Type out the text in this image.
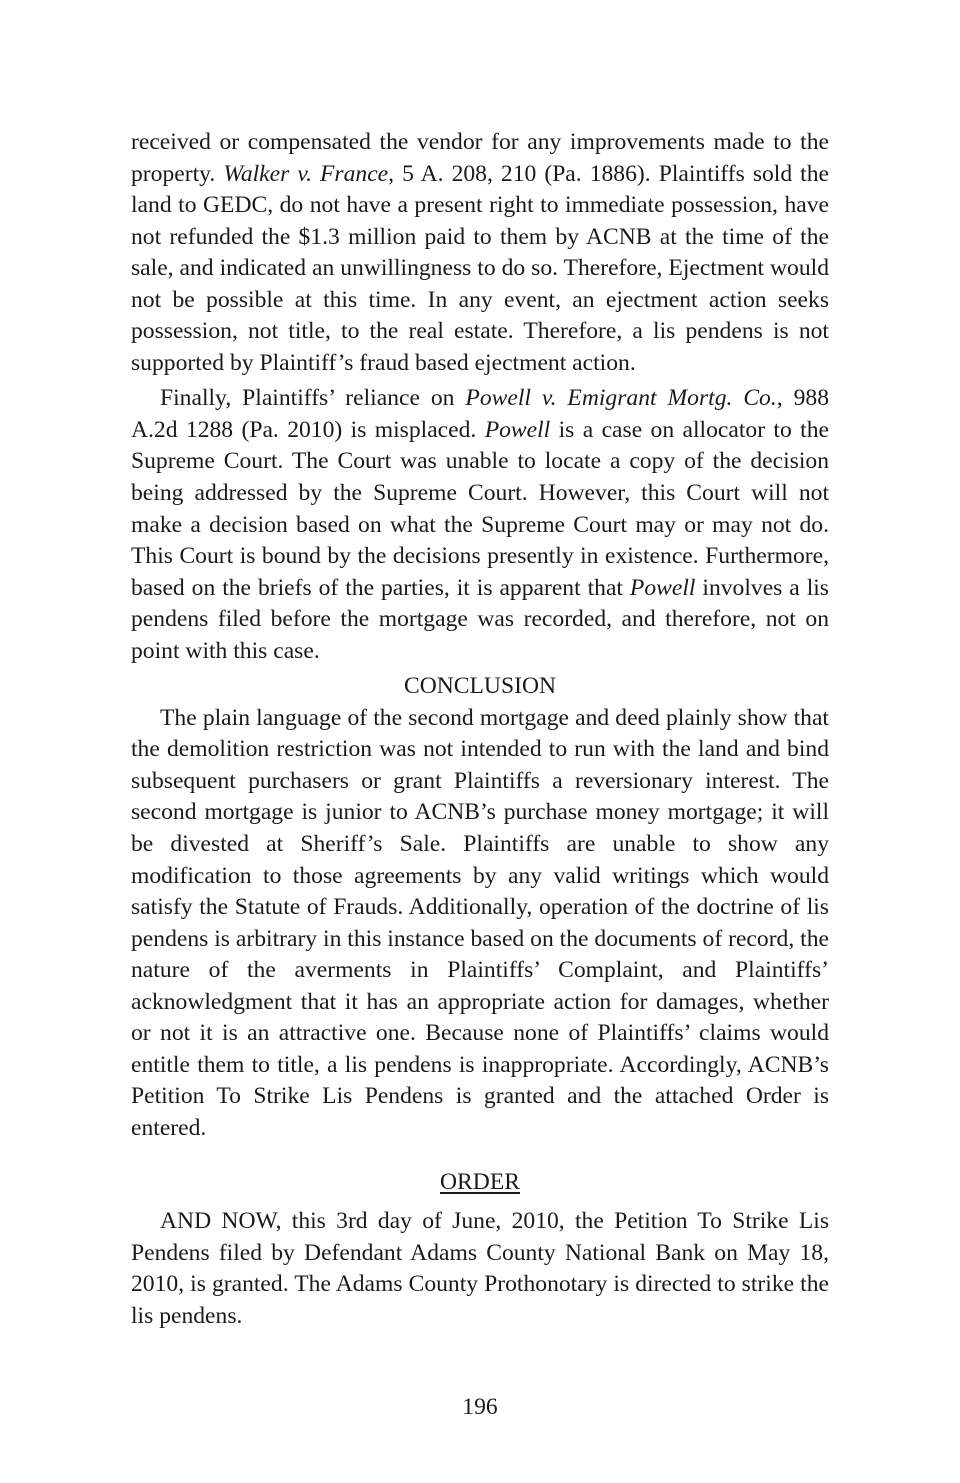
received or compensated the vendor for any improvements made to the property. Walker v. France, 5 A. 208, 210 (Pa. 1886). Plaintiffs sold the land to GEDC, do not have a present right to immediate possession, have not refunded the $1.3 million paid to them by ACNB at the time of the sale, and indicated an unwillingness to do so. Therefore, Ejectment would not be possible at this time. In any event, an ejectment action seeks possession, not title, to the real estate. Therefore, a lis pendens is not supported by Plaintiff’s fraud based ejectment action.

Finally, Plaintiffs’ reliance on Powell v. Emigrant Mortg. Co., 988 A.2d 1288 (Pa. 2010) is misplaced. Powell is a case on allocator to the Supreme Court. The Court was unable to locate a copy of the decision being addressed by the Supreme Court. However, this Court will not make a decision based on what the Supreme Court may or may not do. This Court is bound by the decisions presently in existence. Furthermore, based on the briefs of the parties, it is apparent that Powell involves a lis pendens filed before the mortgage was recorded, and therefore, not on point with this case.

CONCLUSION

The plain language of the second mortgage and deed plainly show that the demolition restriction was not intended to run with the land and bind subsequent purchasers or grant Plaintiffs a reversionary interest. The second mortgage is junior to ACNB’s purchase money mortgage; it will be divested at Sheriff’s Sale. Plaintiffs are unable to show any modification to those agreements by any valid writings which would satisfy the Statute of Frauds. Additionally, operation of the doctrine of lis pendens is arbitrary in this instance based on the documents of record, the nature of the averments in Plaintiffs’ Complaint, and Plaintiffs’ acknowledgment that it has an appropriate action for damages, whether or not it is an attractive one. Because none of Plaintiffs’ claims would entitle them to title, a lis pendens is inappropriate. Accordingly, ACNB’s Petition To Strike Lis Pendens is granted and the attached Order is entered.

ORDER

AND NOW, this 3rd day of June, 2010, the Petition To Strike Lis Pendens filed by Defendant Adams County National Bank on May 18, 2010, is granted. The Adams County Prothonotary is directed to strike the lis pendens.

196
